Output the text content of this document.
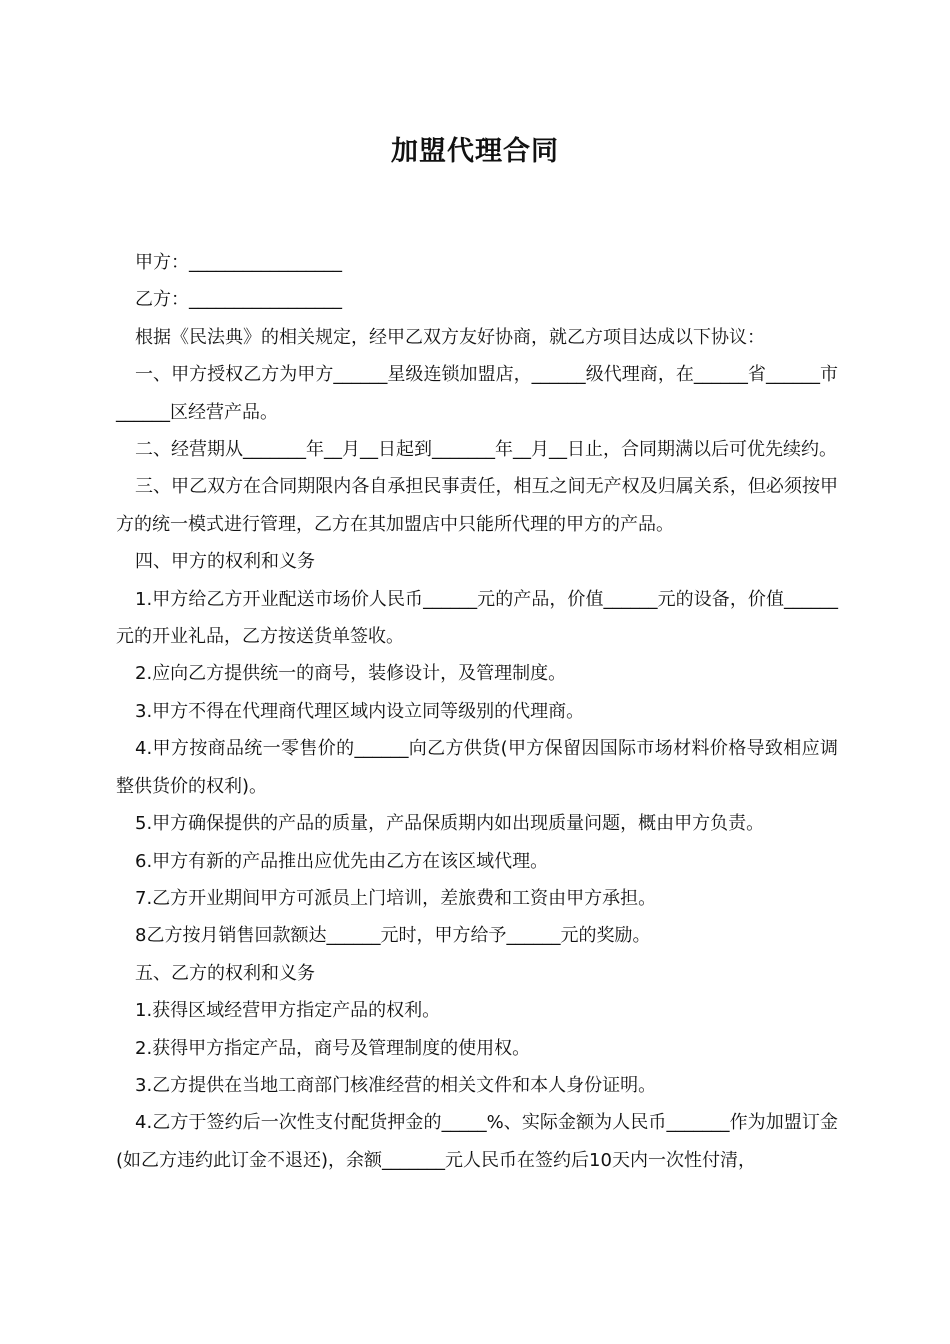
加盟代理合同

甲方：_________________

乙方：_________________

根据《民法典》的相关规定，经甲乙双方友好协商，就乙方项目达成以下协议：

一、甲方授权乙方为甲方______星级连锁加盟店，______级代理商，在______省______市______区经营产品。

二、经营期从_______年__月__日起到_______年__月__日止，合同期满以后可优先续约。

三、甲乙双方在合同期限内各自承担民事责任，相互之间无产权及归属关系，但必须按甲方的统一模式进行管理，乙方在其加盟店中只能所代理的甲方的产品。

四、甲方的权利和义务

1.甲方给乙方开业配送市场价人民币______元的产品，价值______元的设备，价值______元的开业礼品，乙方按送货单签收。

2.应向乙方提供统一的商号，装修设计，及管理制度。

3.甲方不得在代理商代理区域内设立同等级别的代理商。

4.甲方按商品统一零售价的______向乙方供货(甲方保留因国际市场材料价格导致相应调整供货价的权利)。

5.甲方确保提供的产品的质量，产品保质期内如出现质量问题，概由甲方负责。

6.甲方有新的产品推出应优先由乙方在该区域代理。

7.乙方开业期间甲方可派员上门培训，差旅费和工资由甲方承担。

8乙方按月销售回款额达______元时，甲方给予______元的奖励。

五、乙方的权利和义务

1.获得区域经营甲方指定产品的权利。

2.获得甲方指定产品，商号及管理制度的使用权。

3.乙方提供在当地工商部门核准经营的相关文件和本人身份证明。

4.乙方于签约后一次性支付配货押金的_____%、实际金额为人民币_______作为加盟订金(如乙方违约此订金不退还)，余额_______元人民币在签约后10天内一次性付清，
